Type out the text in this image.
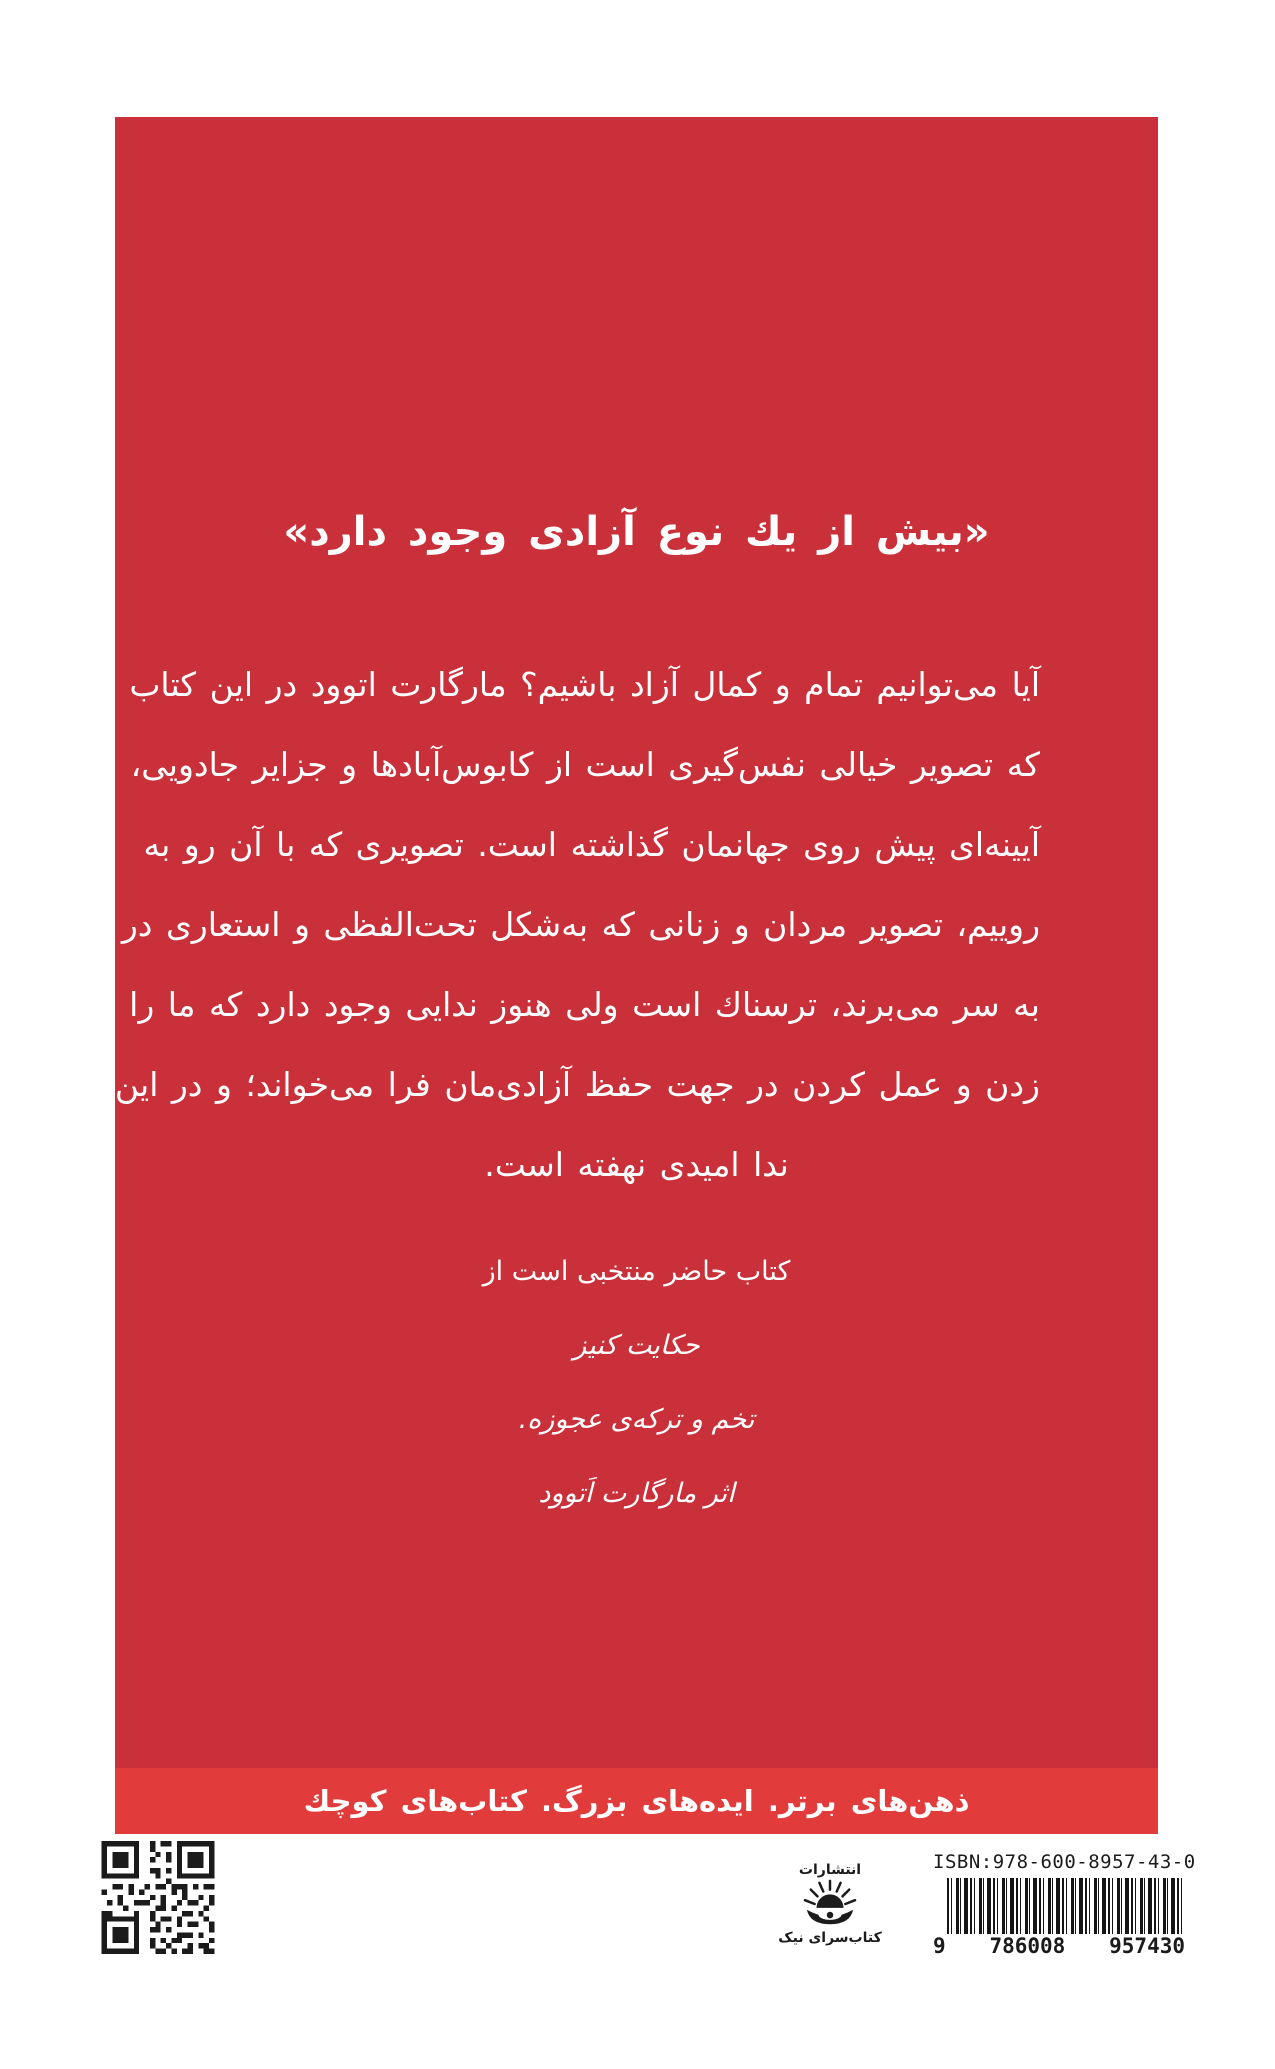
«بیش از یك نوع آزادی وجود دارد»
آیا می‌توانیم تمام و کمال آزاد باشیم؟ مارگارت اتوود در این کتاب
که تصویر خیالی نفس‌گیری است از کابوس‌آبادها و جزایر جادویی،
آیینه‌ای پیش روی جهانمان گذاشته است. تصویری که با آن رو به
روییم، تصویر مردان و زنانی که به‌شکل تحت‌الفظی و استعاری در زندان
به سر می‌برند، ترسناك است ولی هنوز ندایی وجود دارد که ما را به حرف
زدن و عمل کردن در جهت حفظ آزادی‌مان فرا می‌خواند؛ و در این
ندا امیدی نهفته است.
کتاب حاضر منتخبی است از
حکایت کنیز
تخم و ترکه‌ی عجوزه.
اثر مارگارت اَتوود
ذهن‌های برتر. ایده‌های بزرگ. کتاب‌های کوچك
انتشارات
کتاب‌سرای نیک
ISBN:978-600-8957-43-0
9 786008 957430
